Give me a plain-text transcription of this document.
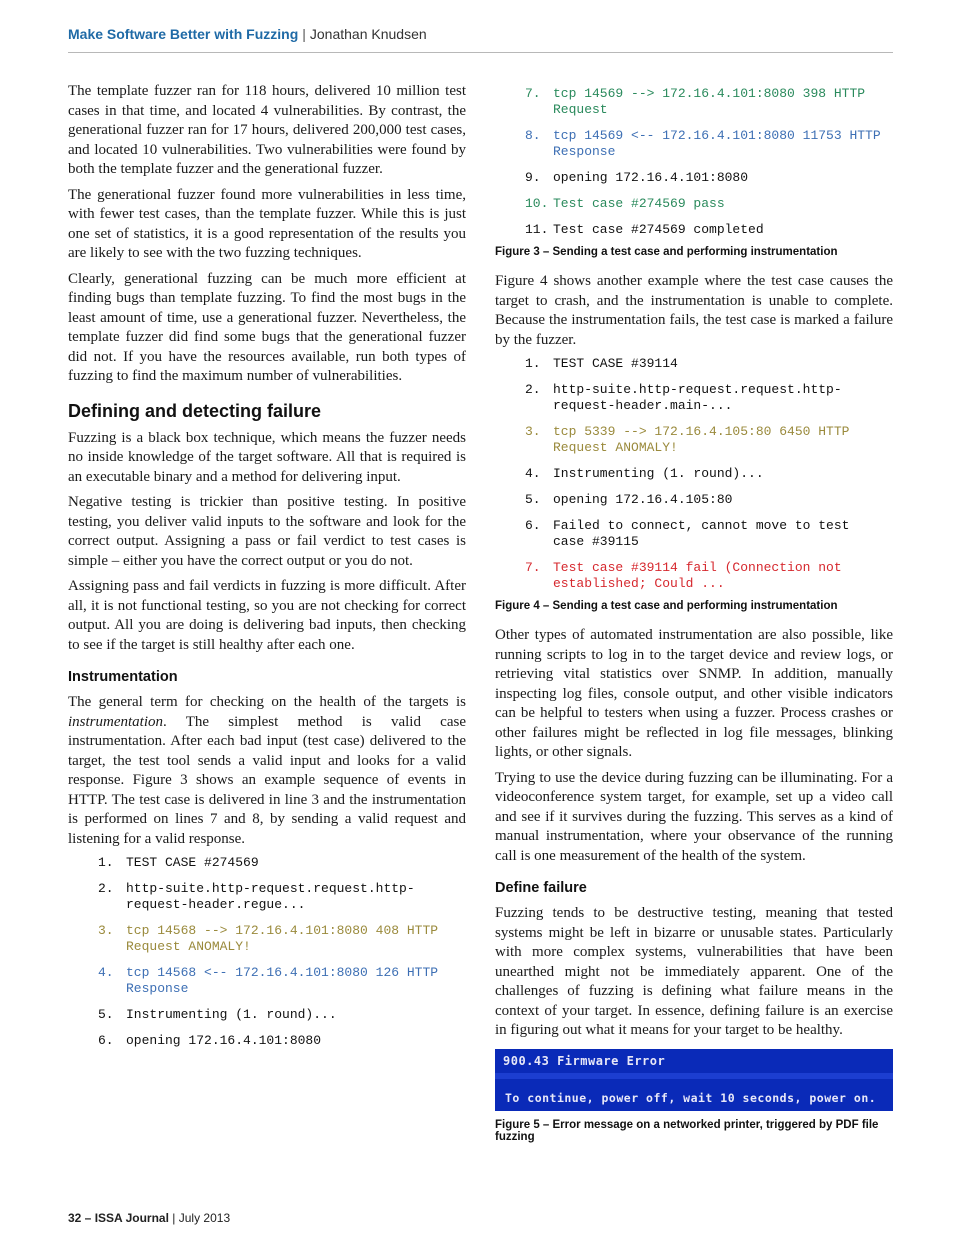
Make Software Better with Fuzzing | Jonathan Knudsen

The template fuzzer ran for 118 hours, delivered 10 million test cases in that time, and located 4 vulnerabilities. By contrast, the generational fuzzer ran for 17 hours, delivered 200,000 test cases, and located 10 vulnerabilities. Two vulnerabilities were found by both the template fuzzer and the generational fuzzer.

The generational fuzzer found more vulnerabilities in less time, with fewer test cases, than the template fuzzer. While this is just one set of statistics, it is a good representation of the results you are likely to see with the two fuzzing techniques.

Clearly, generational fuzzing can be much more efficient at finding bugs than template fuzzing. To find the most bugs in the least amount of time, use a generational fuzzer. Nevertheless, the template fuzzer did find some bugs that the generational fuzzer did not. If you have the resources available, run both types of fuzzing to find the maximum number of vulnerabilities.

Defining and detecting failure

Fuzzing is a black box technique, which means the fuzzer needs no inside knowledge of the target software. All that is required is an executable binary and a method for delivering input.

Negative testing is trickier than positive testing. In positive testing, you deliver valid inputs to the software and look for the correct output. Assigning a pass or fail verdict to test cases is simple – either you have the correct output or you do not.

Assigning pass and fail verdicts in fuzzing is more difficult. After all, it is not functional testing, so you are not checking for correct output. All you are doing is delivering bad inputs, then checking to see if the target is still healthy after each one.

Instrumentation

The general term for checking on the health of the targets is instrumentation. The simplest method is valid case instrumentation. After each bad input (test case) delivered to the target, the test tool sends a valid input and looks for a valid response. Figure 3 shows an example sequence of events in HTTP. The test case is delivered in line 3 and the instrumentation is performed on lines 7 and 8, by sending a valid request and listening for a valid response.

1. TEST CASE #274569
2. http-suite.http-request.request.http-
request-header.regue...
3. tcp 14568 --> 172.16.4.101:8080 408 HTTP
Request ANOMALY!
4. tcp 14568 <-- 172.16.4.101:8080 126 HTTP
Response
5. Instrumenting (1. round)...
6. opening 172.16.4.101:8080
7. tcp 14569 --> 172.16.4.101:8080 398 HTTP
Request
8. tcp 14569 <-- 172.16.4.101:8080 11753 HTTP
Response
9. opening 172.16.4.101:8080
10. Test case #274569 pass
11. Test case #274569 completed
Figure 3 – Sending a test case and performing instrumentation

Figure 4 shows another example where the test case causes the target to crash, and the instrumentation is unable to complete. Because the instrumentation fails, the test case is marked a failure by the fuzzer.

1. TEST CASE #39114
2. http-suite.http-request.request.http-
request-header.main-...
3. tcp 5339 --> 172.16.4.105:80 6450 HTTP
Request ANOMALY!
4. Instrumenting (1. round)...
5. opening 172.16.4.105:80
6. Failed to connect, cannot move to test
case #39115
7. Test case #39114 fail (Connection not
established; Could ...
Figure 4 – Sending a test case and performing instrumentation

Other types of automated instrumentation are also possible, like running scripts to log in to the target device and review logs, or retrieving vital statistics over SNMP. In addition, manually inspecting log files, console output, and other visible indicators can be helpful to testers when using a fuzzer. Process crashes or other failures might be reflected in log file messages, blinking lights, or other signals.

Trying to use the device during fuzzing can be illuminating. For a videoconference system target, for example, set up a video call and see if it survives during the fuzzing. This serves as a kind of manual instrumentation, where your observance of the running call is one measurement of the health of the system.

Define failure

Fuzzing tends to be destructive testing, meaning that tested systems might be left in bizarre or unusable states. Particularly with more complex systems, vulnerabilities that have been unearthed might not be immediately apparent. One of the challenges of fuzzing is defining what failure means in the context of your target. In essence, defining failure is an exercise in figuring out what it means for your target to be healthy.

900.43 Firmware Error
To continue, power off, wait 10 seconds, power on.
Figure 5 – Error message on a networked printer, triggered by PDF file fuzzing
32 – ISSA Journal | July 2013
